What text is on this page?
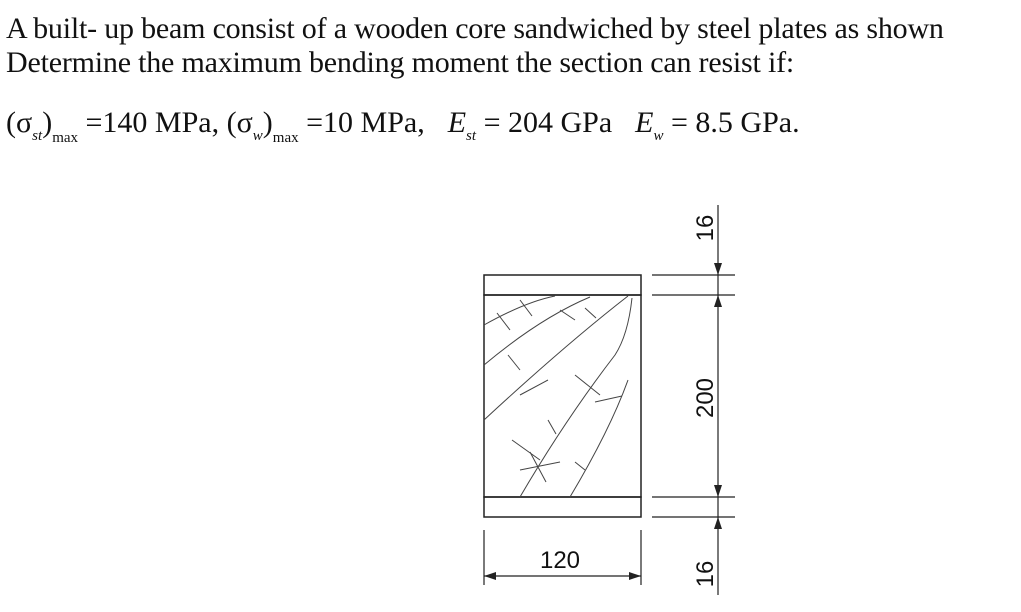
A built- up beam consist of a wooden core sandwiched by steel plates as shown
Determine the maximum bending moment the section can resist if:
$(\sigma_{st})_{max} =140$ MPa, $(\sigma_w)_{max} =10$ MPa, $E_{st} = 204$ GPa $E_w = 8.5$ GPa.
16
200
16
120
